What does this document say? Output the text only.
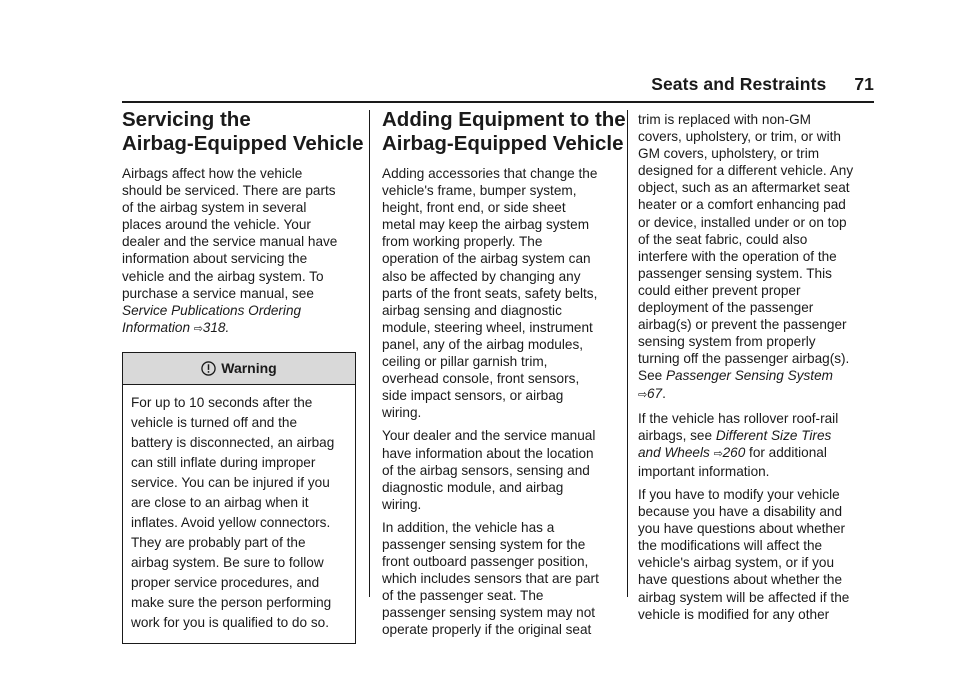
Seats and Restraints 71
Servicing the
Airbag-Equipped Vehicle

Airbags affect how the vehicle
should be serviced. There are parts
of the airbag system in several
places around the vehicle. Your
dealer and the service manual have
information about servicing the
vehicle and the airbag system. To
purchase a service manual, see
Service Publications Ordering
Information ⇨318.

Warning
For up to 10 seconds after the
vehicle is turned off and the
battery is disconnected, an airbag
can still inflate during improper
service. You can be injured if you
are close to an airbag when it
inflates. Avoid yellow connectors.
They are probably part of the
airbag system. Be sure to follow
proper service procedures, and
make sure the person performing
work for you is qualified to do so.
Adding Equipment to the
Airbag-Equipped Vehicle

Adding accessories that change the
vehicle's frame, bumper system,
height, front end, or side sheet
metal may keep the airbag system
from working properly. The
operation of the airbag system can
also be affected by changing any
parts of the front seats, safety belts,
airbag sensing and diagnostic
module, steering wheel, instrument
panel, any of the airbag modules,
ceiling or pillar garnish trim,
overhead console, front sensors,
side impact sensors, or airbag
wiring.

Your dealer and the service manual
have information about the location
of the airbag sensors, sensing and
diagnostic module, and airbag
wiring.

In addition, the vehicle has a
passenger sensing system for the
front outboard passenger position,
which includes sensors that are part
of the passenger seat. The
passenger sensing system may not
operate properly if the original seat

trim is replaced with non-GM
covers, upholstery, or trim, or with
GM covers, upholstery, or trim
designed for a different vehicle. Any
object, such as an aftermarket seat
heater or a comfort enhancing pad
or device, installed under or on top
of the seat fabric, could also
interfere with the operation of the
passenger sensing system. This
could either prevent proper
deployment of the passenger
airbag(s) or prevent the passenger
sensing system from properly
turning off the passenger airbag(s).
See Passenger Sensing System
⇨67.

If the vehicle has rollover roof-rail
airbags, see Different Size Tires
and Wheels ⇨260 for additional
important information.

If you have to modify your vehicle
because you have a disability and
you have questions about whether
the modifications will affect the
vehicle's airbag system, or if you
have questions about whether the
airbag system will be affected if the
vehicle is modified for any other
